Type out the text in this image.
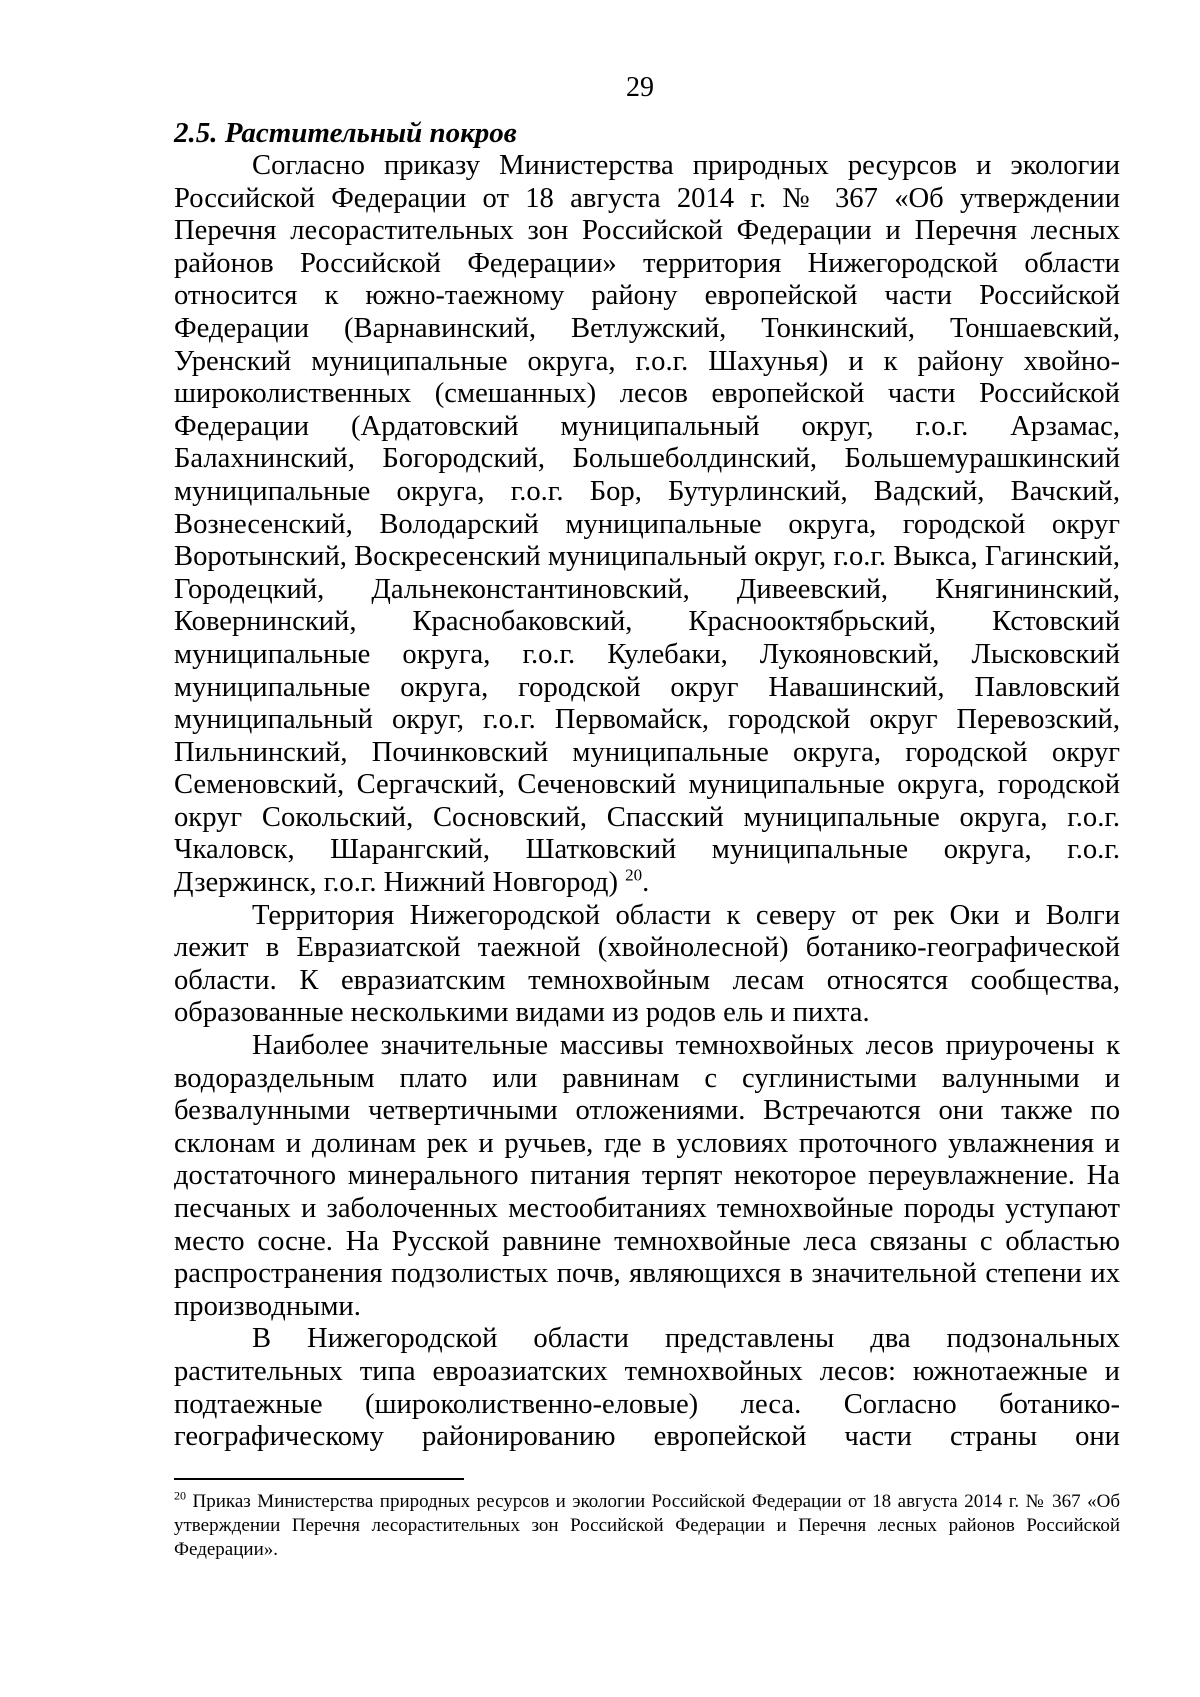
29
2.5. Растительный покров

Согласно приказу Министерства природных ресурсов и экологии Российской Федерации от 18 августа 2014 г. № 367 «Об утверждении Перечня лесорастительных зон Российской Федерации и Перечня лесных районов Российской Федерации» территория Нижегородской области относится к южно-таежному району европейской части Российской Федерации (Варнавинский, Ветлужский, Тонкинский, Тоншаевский, Уренский муниципальные округа, г.о.г. Шахунья) и к району хвойно-широколиственных (смешанных) лесов европейской части Российской Федерации (Ардатовский муниципальный округ, г.о.г. Арзамас, Балахнинский, Богородский, Большеболдинский, Большемурашкинский муниципальные округа, г.о.г. Бор, Бутурлинский, Вадский, Вачский, Вознесенский, Володарский муниципальные округа, городской округ Воротынский, Воскресенский муниципальный округ, г.о.г. Выкса, Гагинский, Городецкий, Дальнеконстантиновский, Дивеевский, Княгининский, Ковернинский, Краснобаковский, Краснооктябрьский, Кстовский муниципальные округа, г.о.г. Кулебаки, Лукояновский, Лысковский муниципальные округа, городской округ Навашинский, Павловский муниципальный округ, г.о.г. Первомайск, городской округ Перевозский, Пильнинский, Починковский муниципальные округа, городской округ Семеновский, Сергачский, Сеченовский муниципальные округа, городской округ Сокольский, Сосновский, Спасский муниципальные округа, г.о.г. Чкаловск, Шарангский, Шатковский муниципальные округа, г.о.г. Дзержинск, г.о.г. Нижний Новгород) $^{20}$.

Территория Нижегородской области к северу от рек Оки и Волги лежит в Евразиатской таежной (хвойнолесной) ботанико-географической области. К евразиатским темнохвойным лесам относятся сообщества, образованные несколькими видами из родов ель и пихта.

Наиболее значительные массивы темнохвойных лесов приурочены к водораздельным плато или равнинам с суглинистыми валунными и безвалунными четвертичными отложениями. Встречаются они также по склонам и долинам рек и ручьев, где в условиях проточного увлажнения и достаточного минерального питания терпят некоторое переувлажнение. На песчаных и заболоченных местообитаниях темнохвойные породы уступают место сосне. На Русской равнине темнохвойные леса связаны с областью распространения подзолистых почв, являющихся в значительной степени их производными.

В Нижегородской области представлены два подзональных растительных типа евроазиатских темнохвойных лесов: южнотаежные и подтаежные (широколиственно-еловые) леса. Согласно ботанико-географическому районированию европейской части страны они

$^{20}$ Приказ Министерства природных ресурсов и экологии Российской Федерации от 18 августа 2014 г. № 367 «Об утверждении Перечня лесорастительных зон Российской Федерации и Перечня лесных районов Российской Федерации».
